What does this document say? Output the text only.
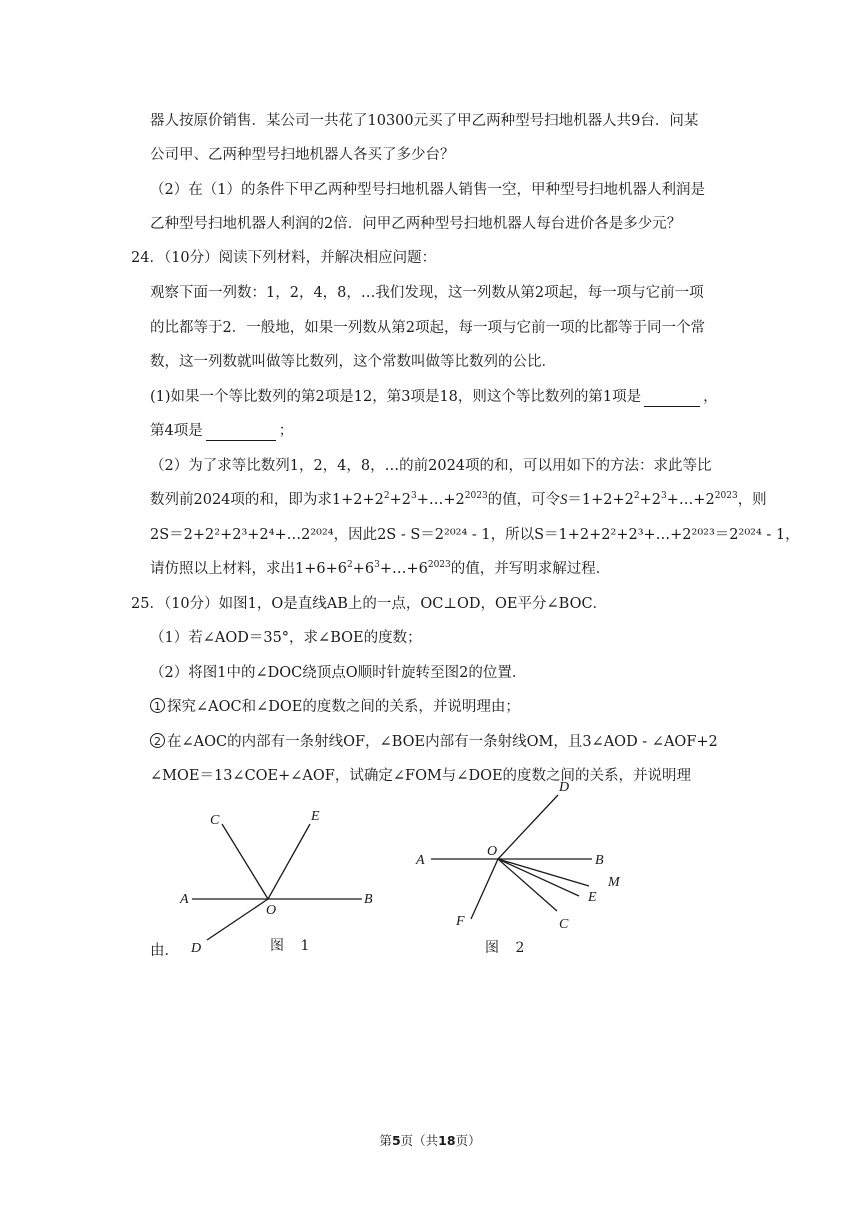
器人按原价销售．某公司一共花了10300元买了甲乙两种型号扫地机器人共9台．问某
公司甲、乙两种型号扫地机器人各买了多少台？
（2）在（1）的条件下甲乙两种型号扫地机器人销售一空，甲种型号扫地机器人利润是
乙种型号扫地机器人利润的2倍．问甲乙两种型号扫地机器人每台进价各是多少元？
24．（10分）阅读下列材料，并解决相应问题：
观察下面一列数：1，2，4，8，…我们发现，这一列数从第2项起，每一项与它前一项
的比都等于2．一般地，如果一列数从第2项起，每一项与它前一项的比都等于同一个常
数，这一列数就叫做等比数列，这个常数叫做等比数列的公比．
(1)如果一个等比数列的第2项是12，第3项是18，则这个等比数列的第1项是	，
第4项是	；
（2）为了求等比数列1，2，4，8，…的前2024项的和，可以用如下的方法：求此等比
数列前2024项的和，即为求$1+2+2^2+2^3+\dots+2^{2023}$的值，可令$S=1+2+2^2+2^3+\dots+2^{2023}$，则
2S＝2+2²+2³+2⁴+…2²⁰²⁴，因此2S - S＝2²⁰²⁴ - 1，所以S＝1+2+2²+2³+…+2²⁰²³＝2²⁰²⁴ - 1，
请仿照以上材料，求出$1+6+6^2+6^3+\dots+6^{2023}$的值，并写明求解过程．
25．（10分）如图1，O是直线AB上的一点，OC⊥OD，OE平分∠BOC．
（1）若∠AOD＝35°，求∠BOE的度数；
（2）将图1中的∠DOC绕顶点O顺时针旋转至图2的位置．
1 探究∠AOC和∠DOE的度数之间的关系，并说明理由；
2 在∠AOC的内部有一条射线OF，∠BOE内部有一条射线OM，且3∠AOD - ∠AOF+2
∠MOE＝13∠COE+∠AOF，试确定∠FOM与∠DOE的度数之间的关系，并说明理
由．
C	E
A
O
B
D	图 1
D
A
O
B
M
E
F	C
图 2
第5页（共18页）
